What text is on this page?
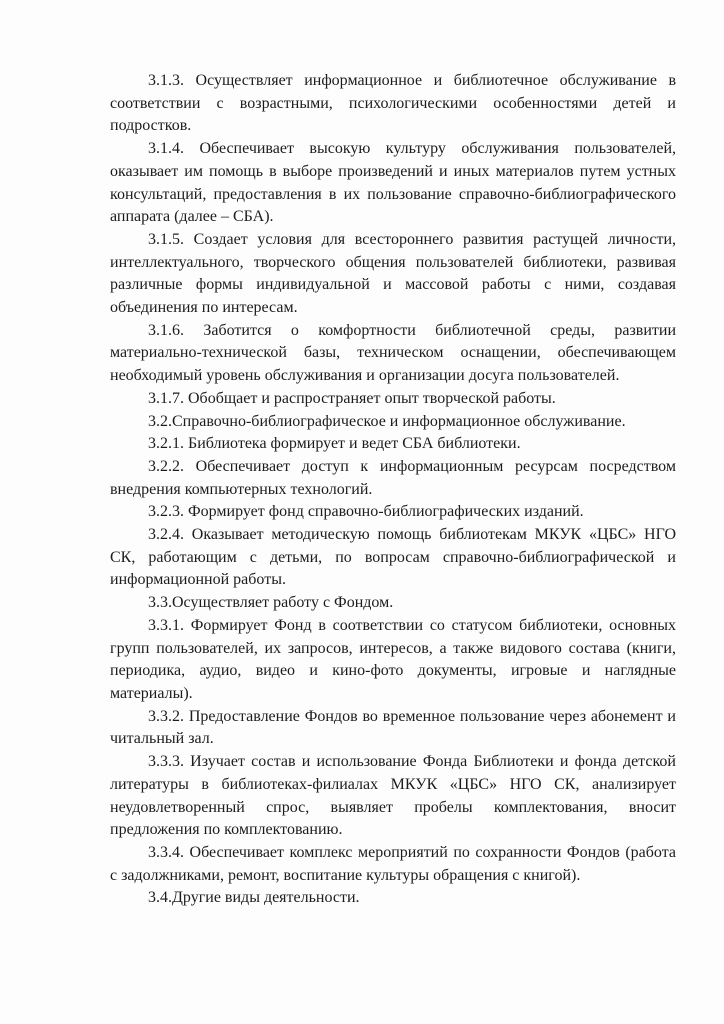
3.1.3. Осуществляет информационное и библиотечное обслуживание в соответствии с возрастными, психологическими особенностями детей и подростков.

3.1.4. Обеспечивает высокую культуру обслуживания пользователей, оказывает им помощь в выборе произведений и иных материалов путем устных консультаций, предоставления в их пользование справочно-библиографического аппарата (далее – СБА).

3.1.5. Создает условия для всестороннего развития растущей личности, интеллектуального, творческого общения пользователей библиотеки, развивая различные формы индивидуальной и массовой работы с ними, создавая объединения по интересам.

3.1.6. Заботится о комфортности библиотечной среды, развитии материально-технической базы, техническом оснащении, обеспечивающем необходимый уровень обслуживания и организации досуга пользователей.

3.1.7. Обобщает и распространяет опыт творческой работы.

3.2.Справочно-библиографическое и информационное обслуживание.

3.2.1. Библиотека формирует и ведет СБА библиотеки.

3.2.2. Обеспечивает доступ к информационным ресурсам посредством внедрения компьютерных технологий.

3.2.3. Формирует фонд справочно-библиографических изданий.

3.2.4. Оказывает методическую помощь библиотекам МКУК «ЦБС» НГО СК, работающим с детьми, по вопросам справочно-библиографической и информационной работы.

3.3.Осуществляет работу с Фондом.

3.3.1. Формирует Фонд в соответствии со статусом библиотеки, основных групп пользователей, их запросов, интересов, а также видового состава (книги, периодика, аудио, видео и кино-фото документы, игровые и наглядные материалы).

3.3.2. Предоставление Фондов во временное пользование через абонемент и читальный зал.

3.3.3. Изучает состав и использование Фонда Библиотеки и фонда детской литературы в библиотеках-филиалах МКУК «ЦБС» НГО СК, анализирует неудовлетворенный спрос, выявляет пробелы комплектования, вносит предложения по комплектованию.

3.3.4. Обеспечивает комплекс мероприятий по сохранности Фондов (работа с задолжниками, ремонт, воспитание культуры обращения с книгой).

3.4.Другие виды деятельности.
